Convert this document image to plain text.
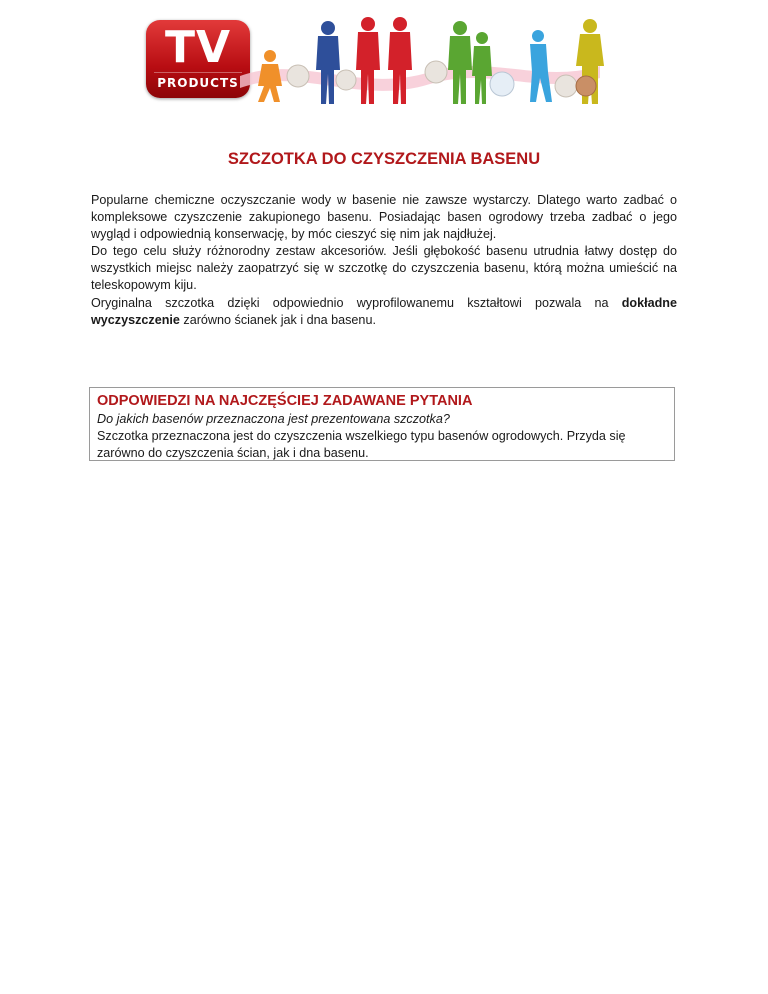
TV
PRODUCTS
SZCZOTKA DO CZYSZCZENIA BASENU

Popularne chemiczne oczyszczanie wody w basenie nie zawsze wystarczy. Dlatego warto zadbać o kompleksowe czyszczenie zakupionego basenu. Posiadając basen ogrodowy trzeba zadbać o jego wygląd i odpowiednią konserwację, by móc cieszyć się nim jak najdłużej.

Do tego celu służy różnorodny zestaw akcesoriów. Jeśli głębokość basenu utrudnia łatwy dostęp do wszystkich miejsc należy zaopatrzyć się w szczotkę do czyszczenia basenu, którą można umieścić na teleskopowym kiju.

Oryginalna szczotka dzięki odpowiednio wyprofilowanemu kształtowi pozwala na dokładne wyczyszczenie zarówno ścianek jak i dna basenu.

ODPOWIEDZI NA NAJCZĘŚCIEJ ZADAWANE PYTANIA

Do jakich basenów przeznaczona jest prezentowana szczotka?

Szczotka przeznaczona jest do czyszczenia wszelkiego typu basenów ogrodowych. Przyda się zarówno do czyszczenia ścian, jak i dna basenu.
